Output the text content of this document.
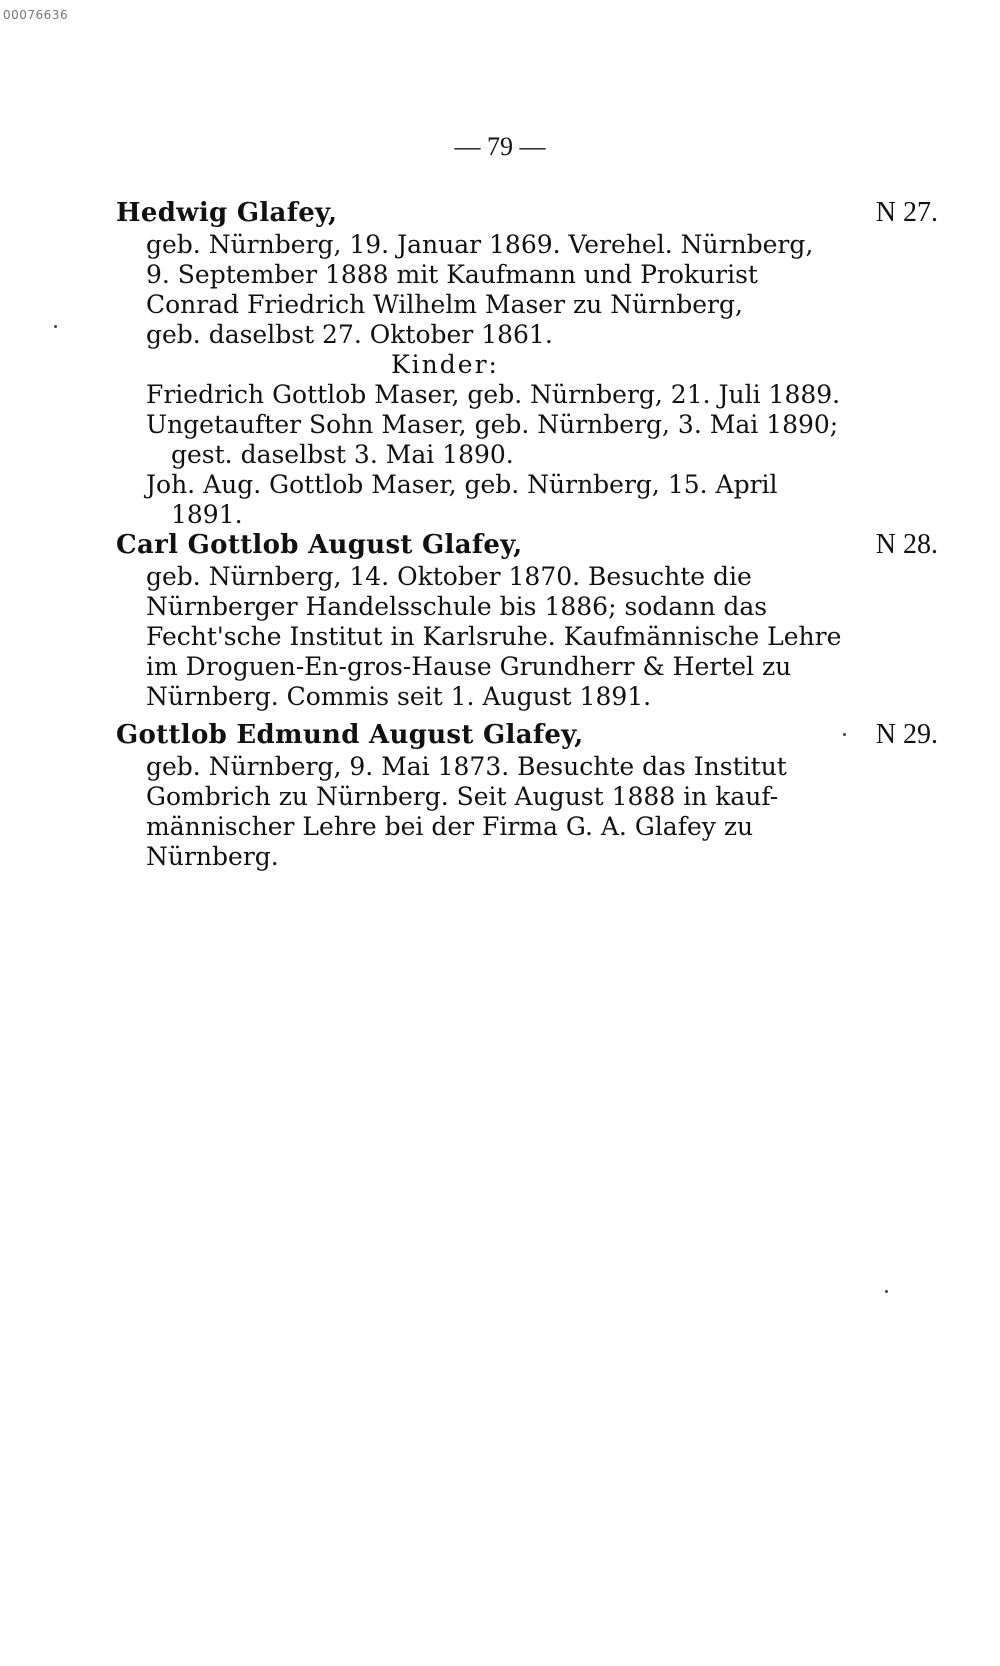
00076636
— 79 —
Hedwig Glafey,	N 27.
geb. Nürnberg, 19. Januar 1869. Verehel. Nürnberg,
9. September 1888 mit Kaufmann und Prokurist
Conrad Friedrich Wilhelm Maser zu Nürnberg,
geb. daselbst 27. Oktober 1861.
Kinder:
Friedrich Gottlob Maser, geb. Nürnberg, 21. Juli 1889.
Ungetaufter Sohn Maser, geb. Nürnberg, 3. Mai 1890;
gest. daselbst 3. Mai 1890.
Joh. Aug. Gottlob Maser, geb. Nürnberg, 15. April
1891.
Carl Gottlob August Glafey,	N 28.
geb. Nürnberg, 14. Oktober 1870. Besuchte die
Nürnberger Handelsschule bis 1886; sodann das
Fecht'sche Institut in Karlsruhe. Kaufmännische Lehre
im Droguen-En-gros-Hause Grundherr & Hertel zu
Nürnberg. Commis seit 1. August 1891.
Gottlob Edmund August Glafey,	N 29.
geb. Nürnberg, 9. Mai 1873. Besuchte das Institut
Gombrich zu Nürnberg. Seit August 1888 in kauf-
männischer Lehre bei der Firma G. A. Glafey zu
Nürnberg.
